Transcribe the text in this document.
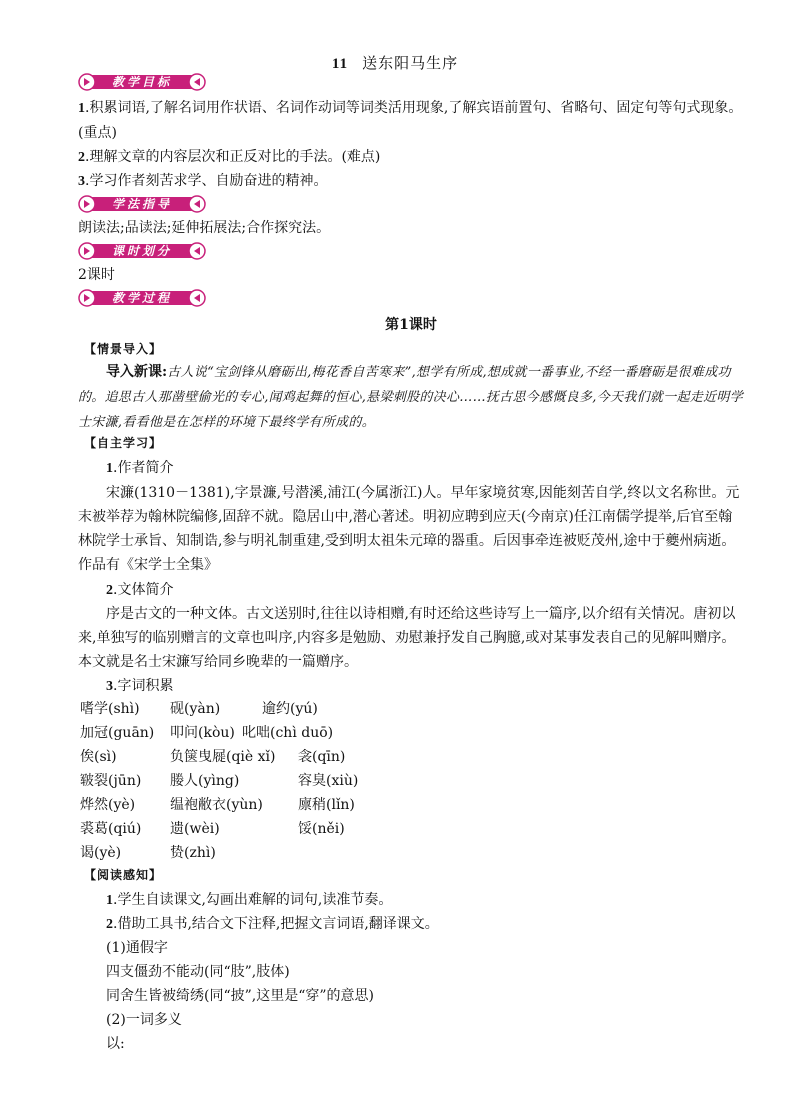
11 送东阳马生序
教学目标
1.积累词语,了解名词用作状语、名词作动词等词类活用现象,了解宾语前置句、省略句、固定句等句式现象。(重点)
2.理解文章的内容层次和正反对比的手法。(难点)
3.学习作者刻苦求学、自励奋进的精神。
学法指导
朗读法;品读法;延伸拓展法;合作探究法。
课时划分
2课时
教学过程
第1课时
【情景导入】
导入新课:古人说“宝剑锋从磨砺出,梅花香自苦寒来”,想学有所成,想成就一番事业,不经一番磨砺是很难成功的。追思古人那凿壁偷光的专心,闻鸡起舞的恒心,悬梁刺股的决心……抚古思今感慨良多,今天我们就一起走近明学士宋濂,看看他是在怎样的环境下最终学有所成的。
【自主学习】
1.作者简介
宋濂(1310－1381),字景濂,号潜溪,浦江(今属浙江)人。早年家境贫寒,因能刻苦自学,终以文名称世。元末被举荐为翰林院编修,固辞不就。隐居山中,潜心著述。明初应聘到应天(今南京)任江南儒学提举,后官至翰林院学士承旨、知制诰,参与明礼制重建,受到明太祖朱元璋的器重。后因事牵连被贬茂州,途中于夔州病逝。作品有《宋学士全集》
2.文体简介
序是古文的一种文体。古文送别时,往往以诗相赠,有时还给这些诗写上一篇序,以介绍有关情况。唐初以来,单独写的临别赠言的文章也叫序,内容多是勉励、劝慰兼抒发自己胸臆,或对某事发表自己的见解叫赠序。本文就是名士宋濂写给同乡晚辈的一篇赠序。
3.字词积累
嗜学(shì) 砚(yàn)	逾约(yú)
加冠(guān) 叩问(kòu) 叱咄(chì duō)
俟(sì)	负箧曳屣(qiè xǐ) 衾(qīn)
皲裂(jūn) 媵人(yìng)	容臭(xiù)
烨然(yè) 缊袍敝衣(yùn)	廪稍(lǐn)
裘葛(qiú) 遗(wèi)	馁(něi)
谒(yè)	贽(zhì)
【阅读感知】
1.学生自读课文,勾画出难解的词句,读准节奏。
2.借助工具书,结合文下注释,把握文言词语,翻译课文。
(1)通假字
四支僵劲不能动(同“肢”,肢体)
同舍生皆被绮绣(同“披”,这里是“穿”的意思)
(2)一词多义
以:
